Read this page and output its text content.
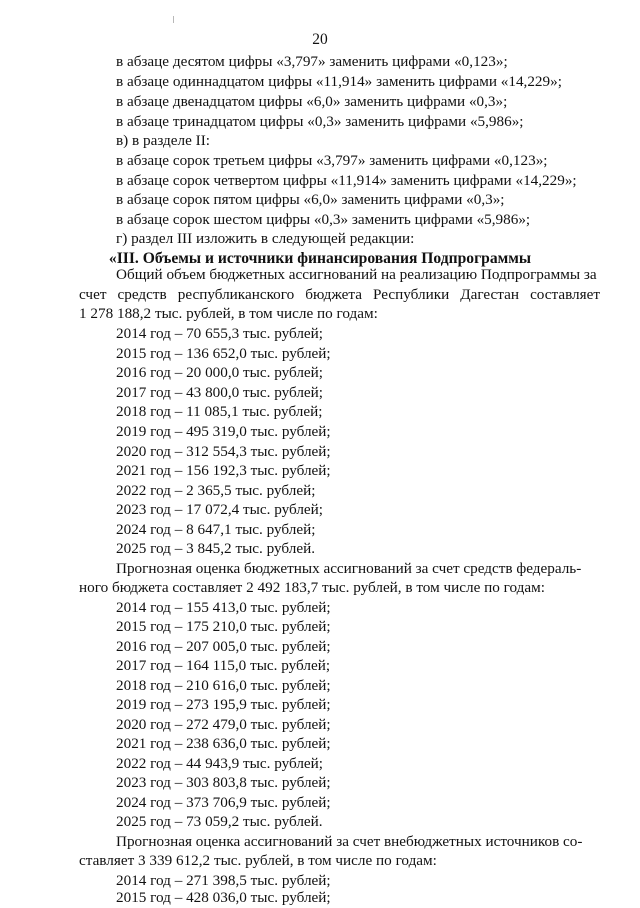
20
в абзаце десятом цифры «3,797» заменить цифрами «0,123»;
в абзаце одиннадцатом цифры «11,914» заменить цифрами «14,229»;
в абзаце двенадцатом цифры «6,0» заменить цифрами «0,3»;
в абзаце тринадцатом цифры «0,3» заменить цифрами «5,986»;
в) в разделе II:
в абзаце сорок третьем цифры «3,797» заменить цифрами «0,123»;
в абзаце сорок четвертом цифры «11,914» заменить цифрами «14,229»;
в абзаце сорок пятом цифры «6,0» заменить цифрами «0,3»;
в абзаце сорок шестом цифры «0,3» заменить цифрами «5,986»;
«III. Объемы и источники финансирования Подпрограммы
Общий объем бюджетных ассигнований на реализацию Подпрограммы за
счет средств республиканского бюджета Республики Дагестан составляет
1 278 188,2 тыс. рублей, в том числе по годам:
2014 год – 70 655,3 тыс. рублей;
2015 год – 136 652,0 тыс. рублей;
2016 год – 20 000,0 тыс. рублей;
2017 год – 43 800,0 тыс. рублей;
2018 год – 11 085,1 тыс. рублей;
2019 год – 495 319,0 тыс. рублей;
2020 год – 312 554,3 тыс. рублей;
2021 год – 156 192,3 тыс. рублей;
2022 год – 2 365,5 тыс. рублей;
2023 год – 17 072,4 тыс. рублей;
2024 год – 8 647,1 тыс. рублей;
2025 год – 3 845,2 тыс. рублей.
Прогнозная оценка бюджетных ассигнований за счет средств федераль-
ного бюджета составляет 2 492 183,7 тыс. рублей, в том числе по годам:
2014 год – 155 413,0 тыс. рублей;
2015 год – 175 210,0 тыс. рублей;
2016 год – 207 005,0 тыс. рублей;
2017 год – 164 115,0 тыс. рублей;
2018 год – 210 616,0 тыс. рублей;
2019 год – 273 195,9 тыс. рублей;
2020 год – 272 479,0 тыс. рублей;
2021 год – 238 636,0 тыс. рублей;
2022 год – 44 943,9 тыс. рублей;
2023 год – 303 803,8 тыс. рублей;
2024 год – 373 706,9 тыс. рублей;
2025 год – 73 059,2 тыс. рублей.
Прогнозная оценка ассигнований за счет внебюджетных источников со-
ставляет 3 339 612,2 тыс. рублей, в том числе по годам:
2014 год – 271 398,5 тыс. рублей;
2015 год – 428 036,0 тыс. рублей;
г) раздел III изложить в следующей редакции:
